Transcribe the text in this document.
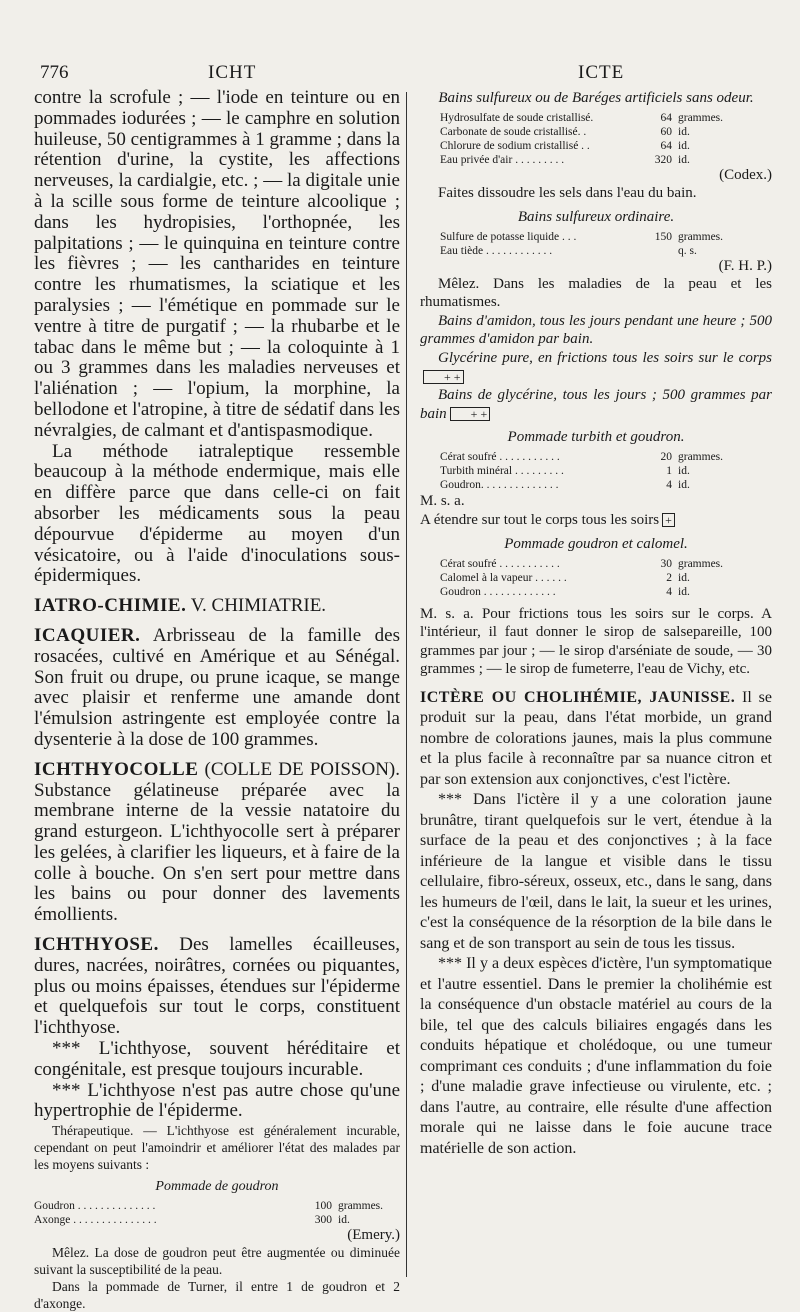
776	ICHT	ICTE

contre la scrofule ; — l'iode en teinture ou en pommades iodurées ; — le camphre en solution huileuse, 50 centigrammes à 1 gramme ; dans la rétention d'urine, la cystite, les affections nerveuses, la cardialgie, etc. ; — la digitale unie à la scille sous forme de teinture alcoolique ; dans les hydropisies, l'orthopnée, les palpitations ; — le quinquina en teinture contre les fièvres ; — les cantharides en teinture contre les rhumatismes, la sciatique et les paralysies ; — l'émétique en pommade sur le ventre à titre de purgatif ; — la rhubarbe et le tabac dans le même but ; — la coloquinte à 1 ou 3 grammes dans les maladies nerveuses et l'aliénation ; — l'opium, la morphine, la bellodone et l'atropine, à titre de sédatif dans les névralgies, de calmant et d'antispasmodique.

La méthode iatraleptique ressemble beaucoup à la méthode endermique, mais elle en diffère parce que dans celle-ci on fait absorber les médicaments sous la peau dépourvue d'épiderme au moyen d'un vésicatoire, ou à l'aide d'inoculations sous-épidermiques.

IATRO-CHIMIE. V. CHIMIATRIE.

ICAQUIER. Arbrisseau de la famille des rosacées, cultivé en Amérique et au Sénégal. Son fruit ou drupe, ou prune icaque, se mange avec plaisir et renferme une amande dont l'émulsion astringente est employée contre la dysenterie à la dose de 100 grammes.

ICHTHYOCOLLE (COLLE DE POISSON). Substance gélatineuse préparée avec la membrane interne de la vessie natatoire du grand esturgeon. L'ichthyocolle sert à préparer les gelées, à clarifier les liqueurs, et à faire de la colle à bouche. On s'en sert pour mettre dans les bains ou pour donner des lavements émollients.

ICHTHYOSE. Des lamelles écailleuses, dures, nacrées, noirâtres, cornées ou piquantes, plus ou moins épaisses, étendues sur l'épiderme et quelquefois sur tout le corps, constituent l'ichthyose.

*** L'ichthyose, souvent héréditaire et congénitale, est presque toujours incurable.

*** L'ichthyose n'est pas autre chose qu'une hypertrophie de l'épiderme.

Thérapeutique. — L'ichthyose est généralement incurable, cependant on peut l'amoindrir et améliorer l'état des malades par les moyens suivants :

Pommade de goudron

Goudron . . . . . . . . . . . . . .	100	grammes.
Axonge . . . . . . . . . . . . . . .	300	id.

(Emery.)

Mêlez. La dose de goudron peut être augmentée ou diminuée suivant la susceptibilité de la peau.

Dans la pommade de Turner, il entre 1 de goudron et 2 d'axonge.

Bains sulfureux ou de Baréges artificiels sans odeur.

Hydrosulfate de soude cristallisé.	64	grammes.
Carbonate de soude cristallisé. .	60	id.
Chlorure de sodium cristallisé . .	64	id.
Eau privée d'air . . . . . . . . .	320	id.

(Codex.)

Faites dissoudre les sels dans l'eau du bain.

Bains sulfureux ordinaire.

Sulfure de potasse liquide . . .	150	grammes.
Eau tiède . . . . . . . . . . . .		q. s.

(F. H. P.)

Mêlez. Dans les maladies de la peau et les rhumatismes.

Bains d'amidon, tous les jours pendant une heure ; 500 grammes d'amidon par bain.

Glycérine pure, en frictions tous les soirs sur le corps+ +

Bains de glycérine, tous les jours ; 500 grammes par bain + +

Pommade turbith et goudron.

Cérat soufré . . . . . . . . . . .	20	grammes.
Turbith minéral . . . . . . . . .	1	id.
Goudron. . . . . . . . . . . . . .	4	id.

M. s. a.

A étendre sur tout le corps tous les soirs +

Pommade goudron et calomel.

Cérat soufré . . . . . . . . . . .	30	grammes.
Calomel à la vapeur . . . . . .	2	id.
Goudron . . . . . . . . . . . . .	4	id.

M. s. a. Pour frictions tous les soirs sur le corps. A l'intérieur, il faut donner le sirop de salsepareille, 100 grammes par jour ; — le sirop d'arséniate de soude, — 30 grammes ; — le sirop de fumeterre, l'eau de Vichy, etc.

ICTÈRE OU CHOLIHÉMIE, JAUNISSE. Il se produit sur la peau, dans l'état morbide, un grand nombre de colorations jaunes, mais la plus commune et la plus facile à reconnaître par sa nuance citron et par son extension aux conjonctives, c'est l'ictère.

*** Dans l'ictère il y a une coloration jaune brunâtre, tirant quelquefois sur le vert, étendue à la surface de la peau et des conjonctives ; à la face inférieure de la langue et visible dans le tissu cellulaire, fibro-séreux, osseux, etc., dans le sang, dans les humeurs de l'œil, dans le lait, la sueur et les urines, c'est la conséquence de la résorption de la bile dans le sang et de son transport au sein de tous les tissus.

*** Il y a deux espèces d'ictère, l'un symptomatique et l'autre essentiel. Dans le premier la cholihémie est la conséquence d'un obstacle matériel au cours de la bile, tel que des calculs biliaires engagés dans les conduits hépatique et cholédoque, ou une tumeur comprimant ces conduits ; d'une inflammation du foie ; d'une maladie grave infectieuse ou virulente, etc. ; dans l'autre, au contraire, elle résulte d'une affection morale qui ne laisse dans le foie aucune trace matérielle de son action.
